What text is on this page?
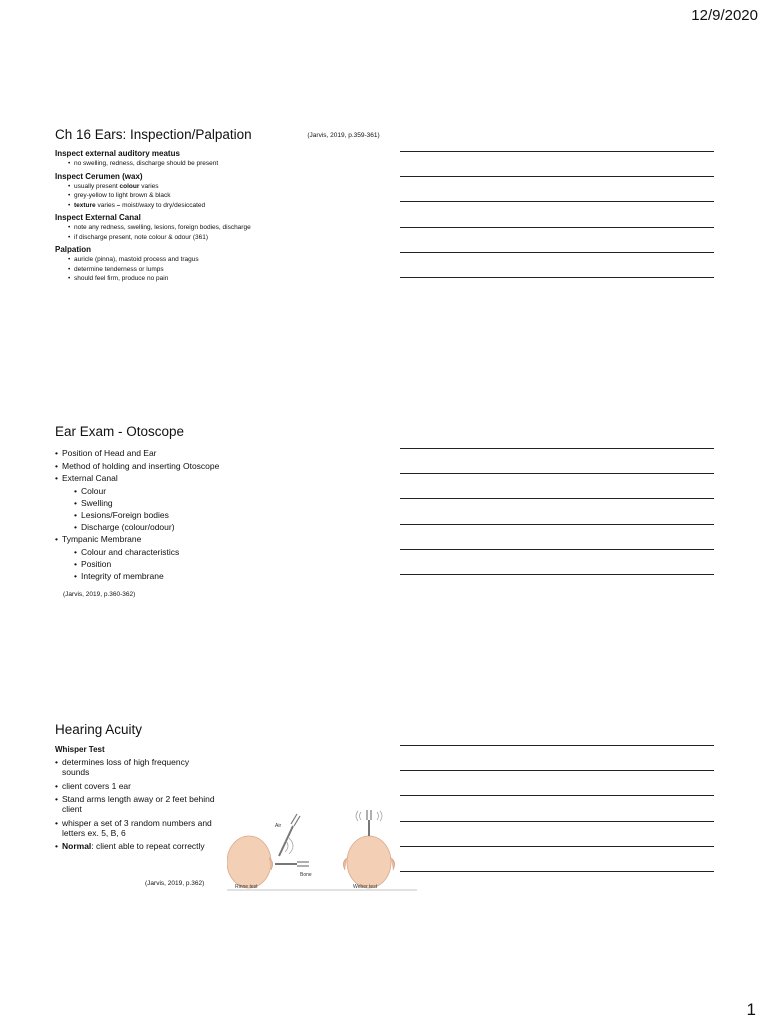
12/9/2020
Ch 16 Ears: Inspection/Palpation	(Jarvis, 2019, p.359-361)
Inspect external auditory meatus
• no swelling, redness, discharge should be present
Inspect Cerumen (wax)
• usually present colour varies
• grey-yellow to light brown & black
• texture varies – moist/waxy to dry/desiccated
Inspect External Canal
• note any redness, swelling, lesions, foreign bodies, discharge
• if discharge present, note colour & odour (361)
Palpation
• auricle (pinna), mastoid process and tragus
• determine tenderness or lumps
• should feel firm, produce no pain
Ear Exam - Otoscope
• Position of Head and Ear
• Method of holding and inserting Otoscope
• External Canal
• Colour
• Swelling
• Lesions/Foreign bodies
• Discharge (colour/odour)
• Tympanic Membrane
• Colour and characteristics
• Position
• Integrity of membrane
(Jarvis, 2019, p.360-362)
Hearing Acuity
Whisper Test
• determines loss of high frequency sounds
• client covers 1 ear
• Stand arms length away or 2 feet behind client
• whisper a set of 3 random numbers and letters ex. 5, B, 6
• Normal: client able to repeat correctly
(Jarvis, 2019, p.362)
Air
Bone
Rinne test	Weber test
1
